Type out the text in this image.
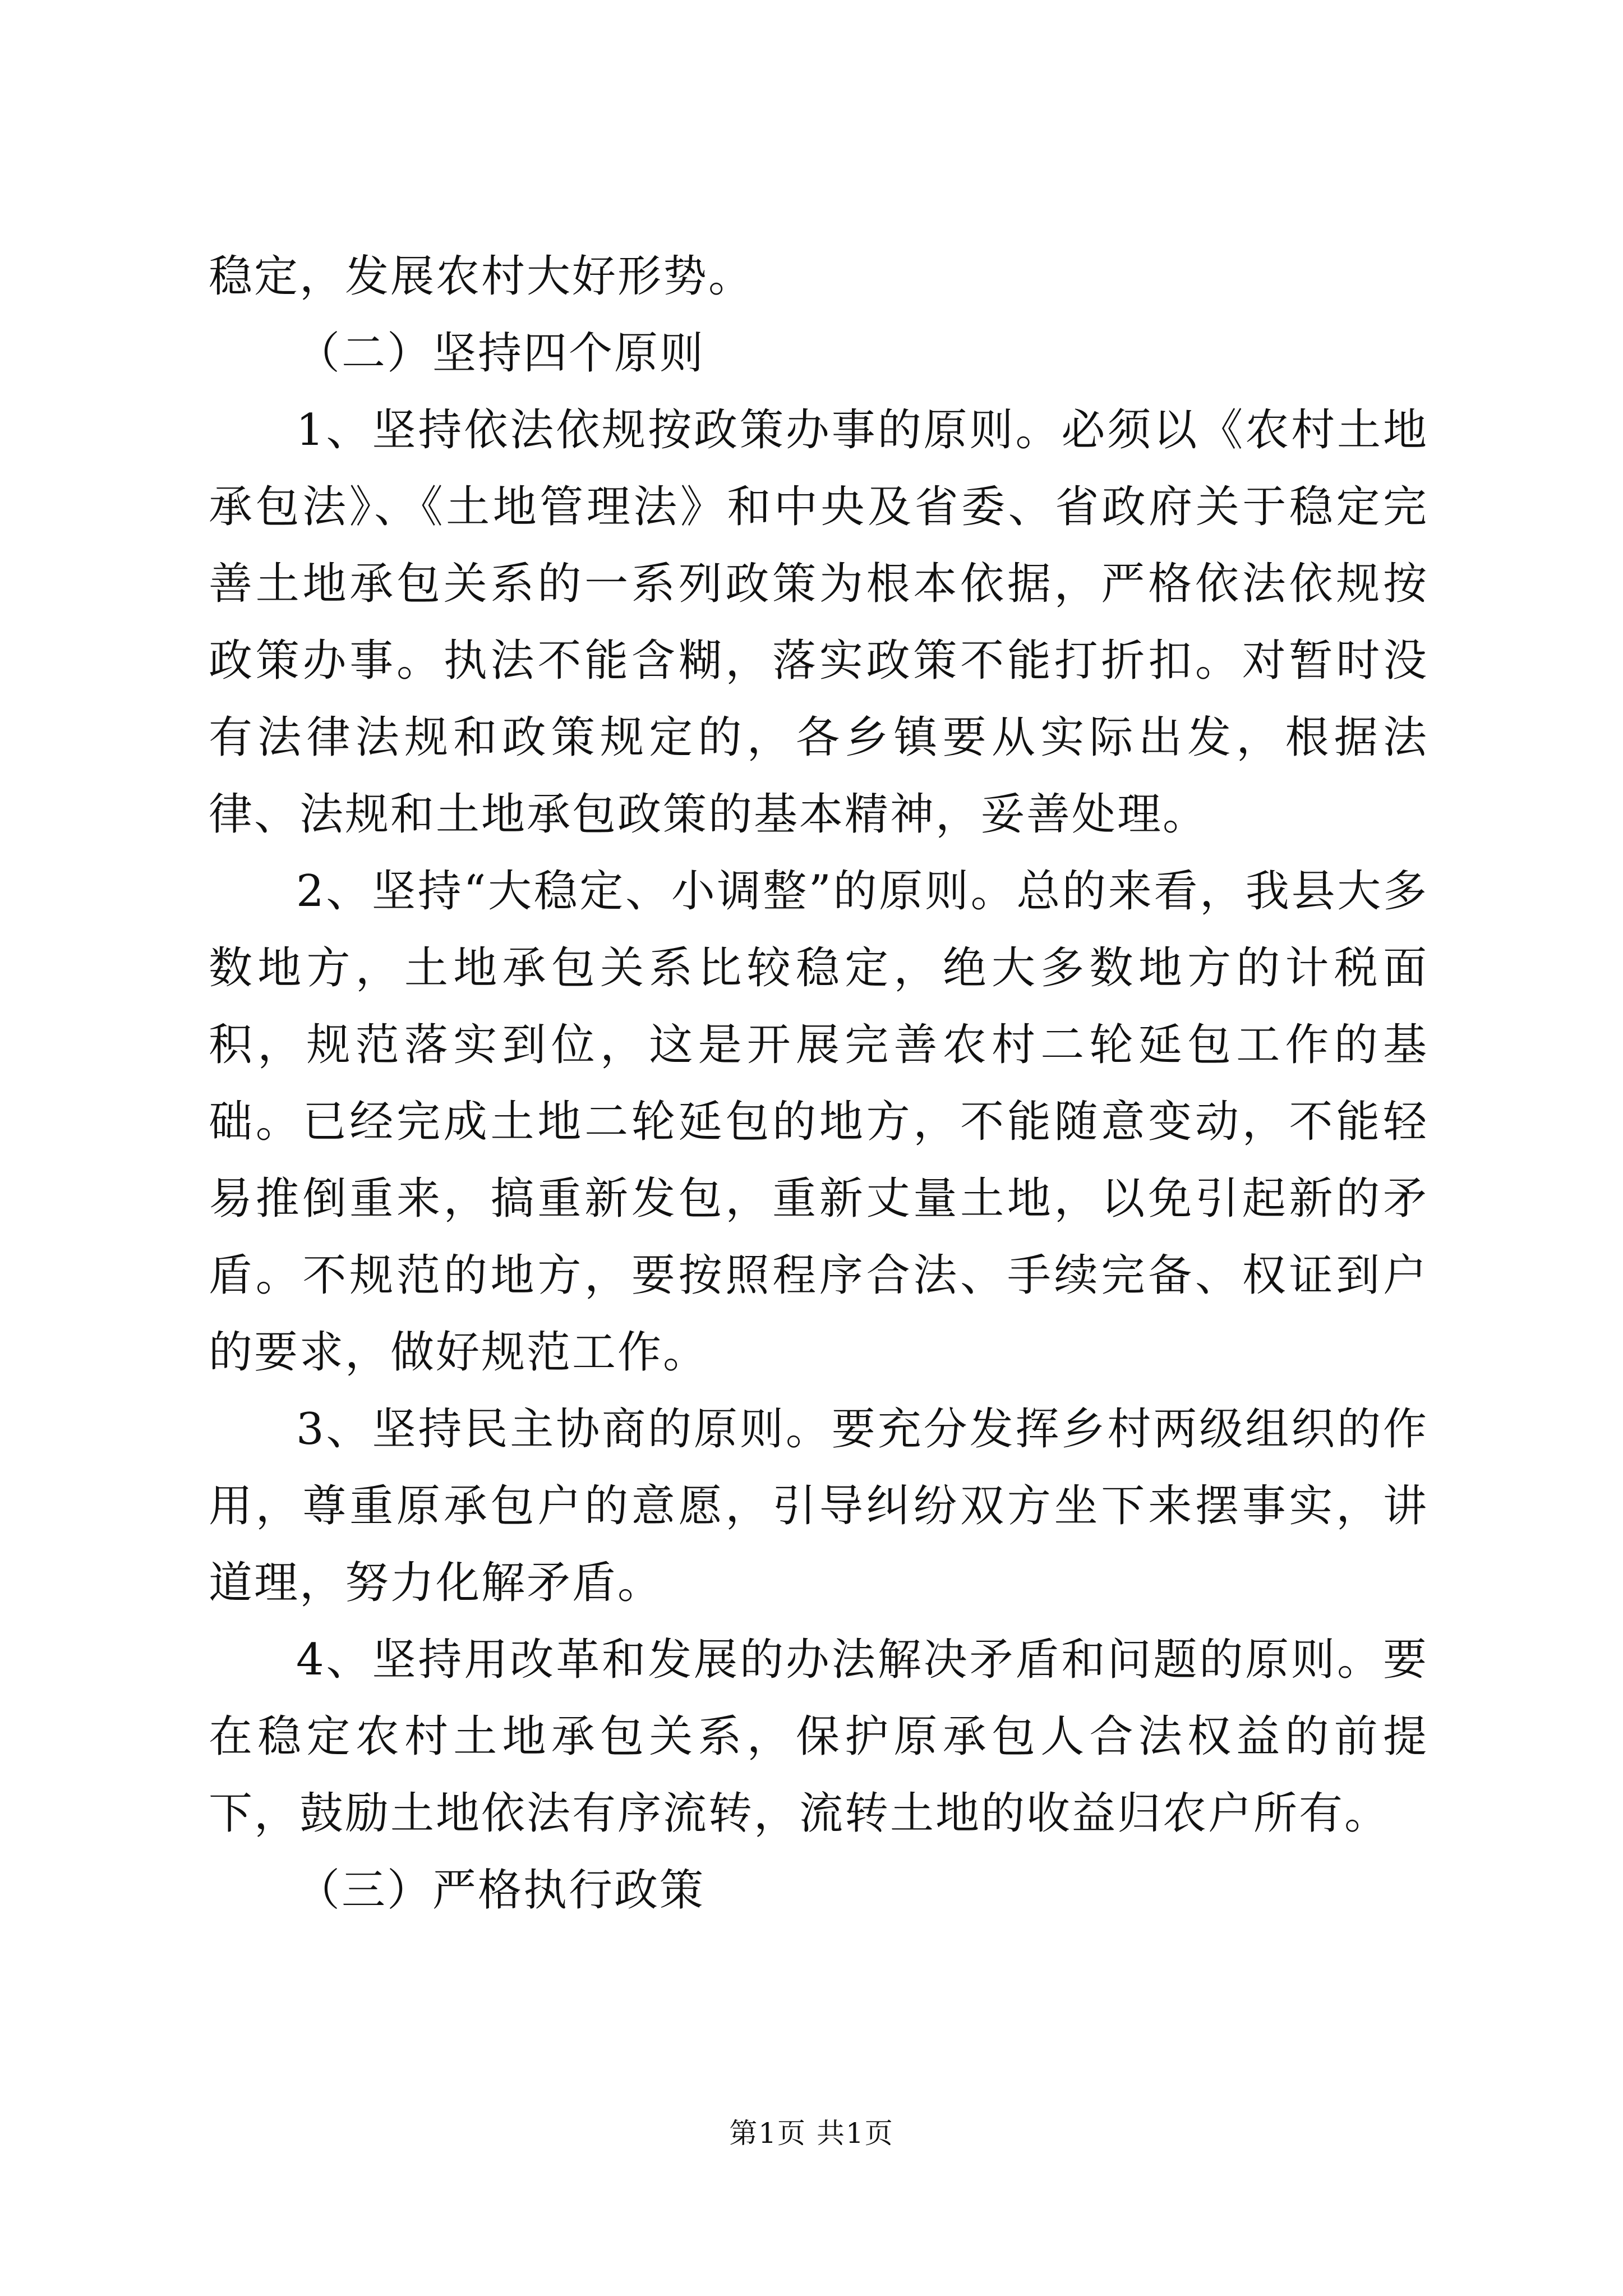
稳定，发展农村大好形势。

（二）坚持四个原则

1、坚持依法依规按政策办事的原则。必须以《农村土地承包法》、《土地管理法》和中央及省委、省政府关于稳定完善土地承包关系的一系列政策为根本依据，严格依法依规按政策办事。执法不能含糊，落实政策不能打折扣。对暂时没有法律法规和政策规定的，各乡镇要从实际出发，根据法律、法规和土地承包政策的基本精神，妥善处理。

2、坚持“大稳定、小调整”的原则。总的来看，我县大多数地方，土地承包关系比较稳定，绝大多数地方的计税面积，规范落实到位，这是开展完善农村二轮延包工作的基础。已经完成土地二轮延包的地方，不能随意变动，不能轻易推倒重来，搞重新发包，重新丈量土地，以免引起新的矛盾。不规范的地方，要按照程序合法、手续完备、权证到户的要求，做好规范工作。

3、坚持民主协商的原则。要充分发挥乡村两级组织的作用，尊重原承包户的意愿，引导纠纷双方坐下来摆事实，讲道理，努力化解矛盾。

4、坚持用改革和发展的办法解决矛盾和问题的原则。要在稳定农村土地承包关系，保护原承包人合法权益的前提下，鼓励土地依法有序流转，流转土地的收益归农户所有。

（三）严格执行政策

第1页 共1页
